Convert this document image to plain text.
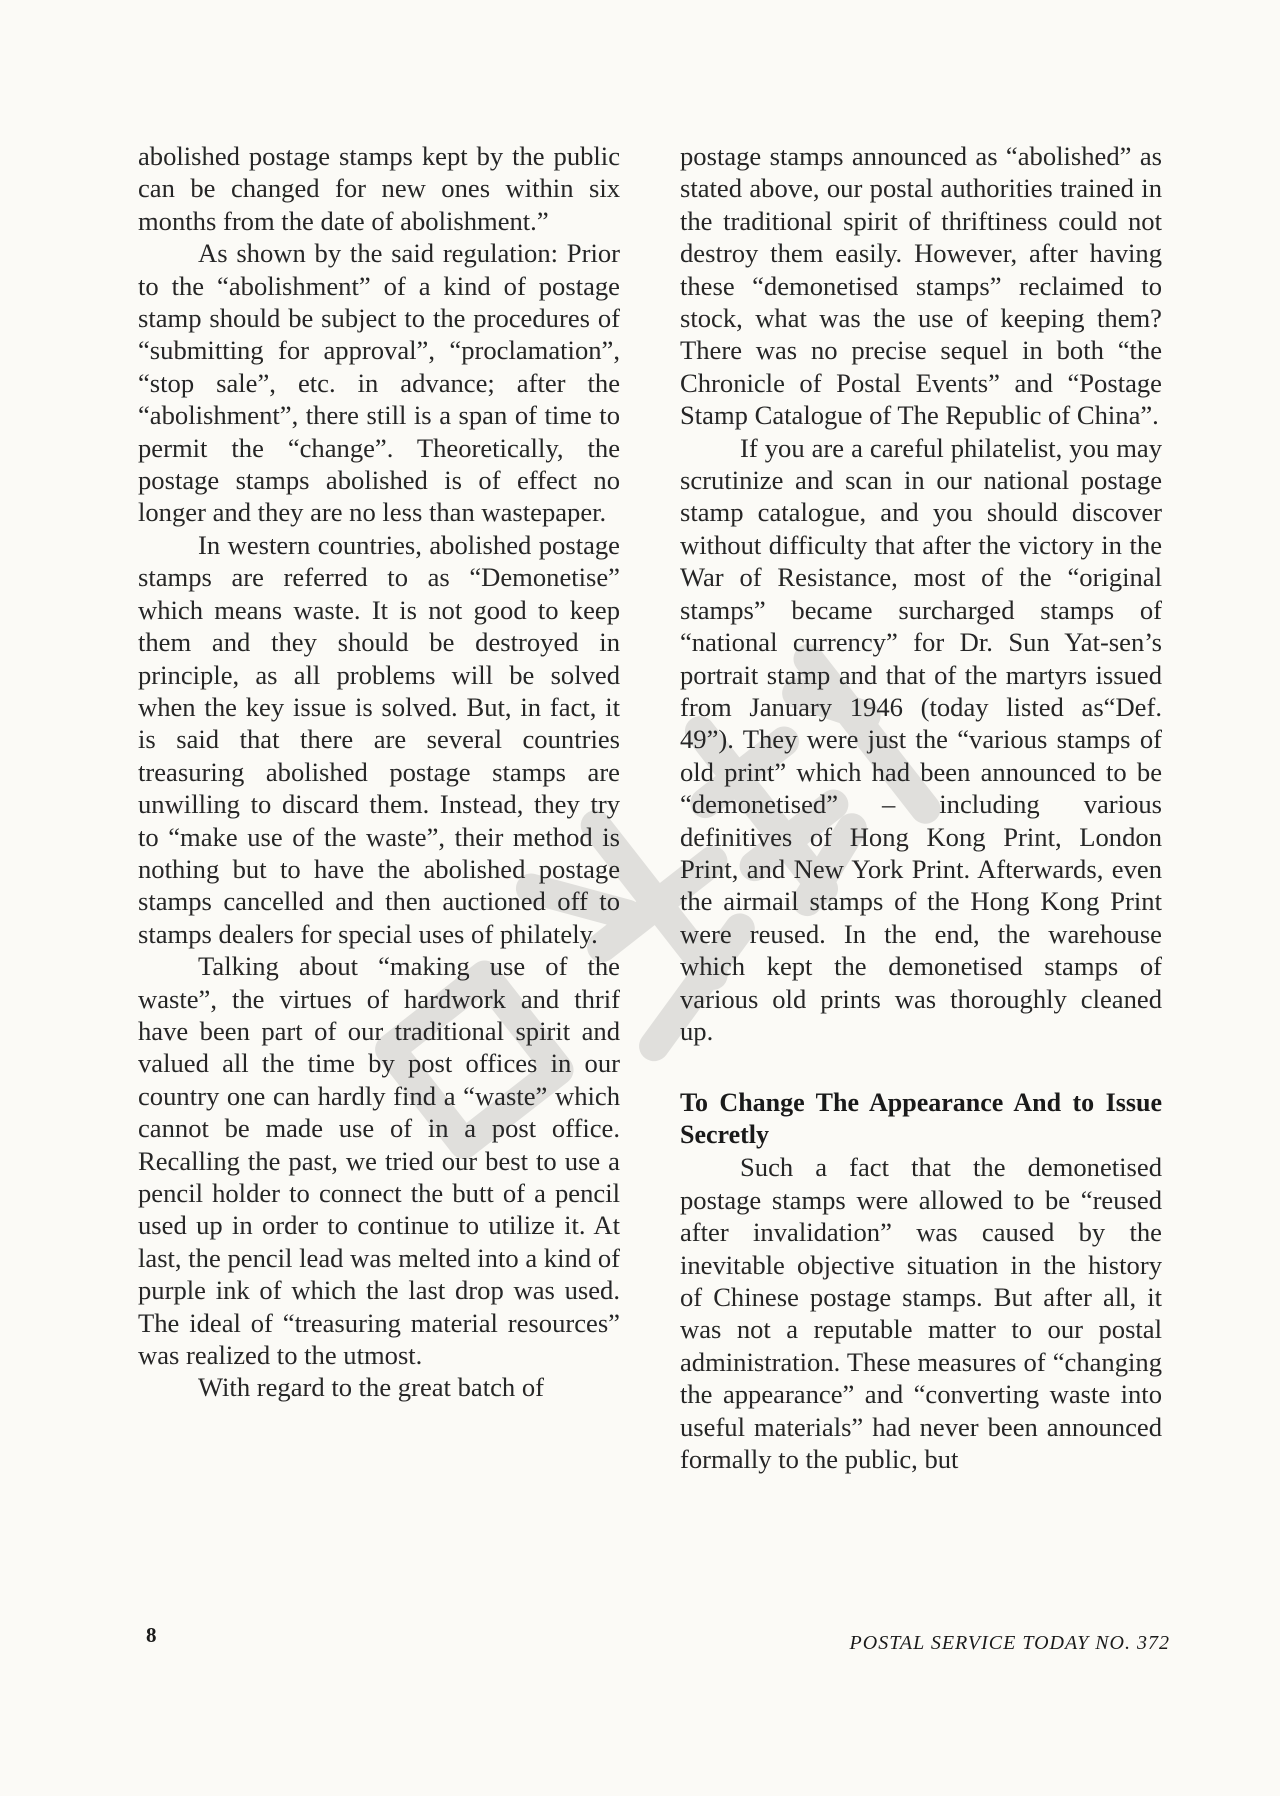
abolished postage stamps kept by the public can be changed for new ones within six months from the date of abolishment.”

As shown by the said regulation: Prior to the “abolishment” of a kind of postage stamp should be subject to the procedures of “submitting for approval”, “proclamation”, “stop sale”, etc. in advance; after the “abolishment”, there still is a span of time to permit the “change”. Theoretically, the postage stamps abolished is of effect no longer and they are no less than wastepaper.

In western countries, abolished postage stamps are referred to as “Demonetise” which means waste. It is not good to keep them and they should be destroyed in principle, as all problems will be solved when the key issue is solved. But, in fact, it is said that there are several countries treasuring abolished postage stamps are unwilling to discard them. Instead, they try to “make use of the waste”, their method is nothing but to have the abolished postage stamps cancelled and then auctioned off to stamps dealers for special uses of philately.

Talking about “making use of the waste”, the virtues of hardwork and thrif have been part of our traditional spirit and valued all the time by post offices in our country one can hardly find a “waste” which cannot be made use of in a post office. Recalling the past, we tried our best to use a pencil holder to connect the butt of a pencil used up in order to continue to utilize it. At last, the pencil lead was melted into a kind of purple ink of which the last drop was used. The ideal of “treasuring material resources” was realized to the utmost.

With regard to the great batch of

postage stamps announced as “abolished” as stated above, our postal authorities trained in the traditional spirit of thriftiness could not destroy them easily. However, after having these “demonetised stamps” reclaimed to stock, what was the use of keeping them? There was no precise sequel in both “the Chronicle of Postal Events” and “Postage Stamp Catalogue of The Republic of China”.

If you are a careful philatelist, you may scrutinize and scan in our national postage stamp catalogue, and you should discover without difficulty that after the victory in the War of Resistance, most of the “original stamps” became surcharged stamps of “national currency” for Dr. Sun Yat-sen’s portrait stamp and that of the martyrs issued from January 1946 (today listed as“Def. 49”). They were just the “various stamps of old print” which had been announced to be “demonetised” – including various definitives of Hong Kong Print, London Print, and New York Print. Afterwards, even the airmail stamps of the Hong Kong Print were reused. In the end, the warehouse which kept the demonetised stamps of various old prints was thoroughly cleaned up.

To Change The Appearance And to Issue Secretly

Such a fact that the demonetised postage stamps were allowed to be “reused after invalidation” was caused by the inevitable objective situation in the history of Chinese postage stamps. But after all, it was not a reputable matter to our postal administration. These measures of “changing the appearance” and “converting waste into useful materials” had never been announced formally to the public, but

8	POSTAL SERVICE TODAY NO. 372
